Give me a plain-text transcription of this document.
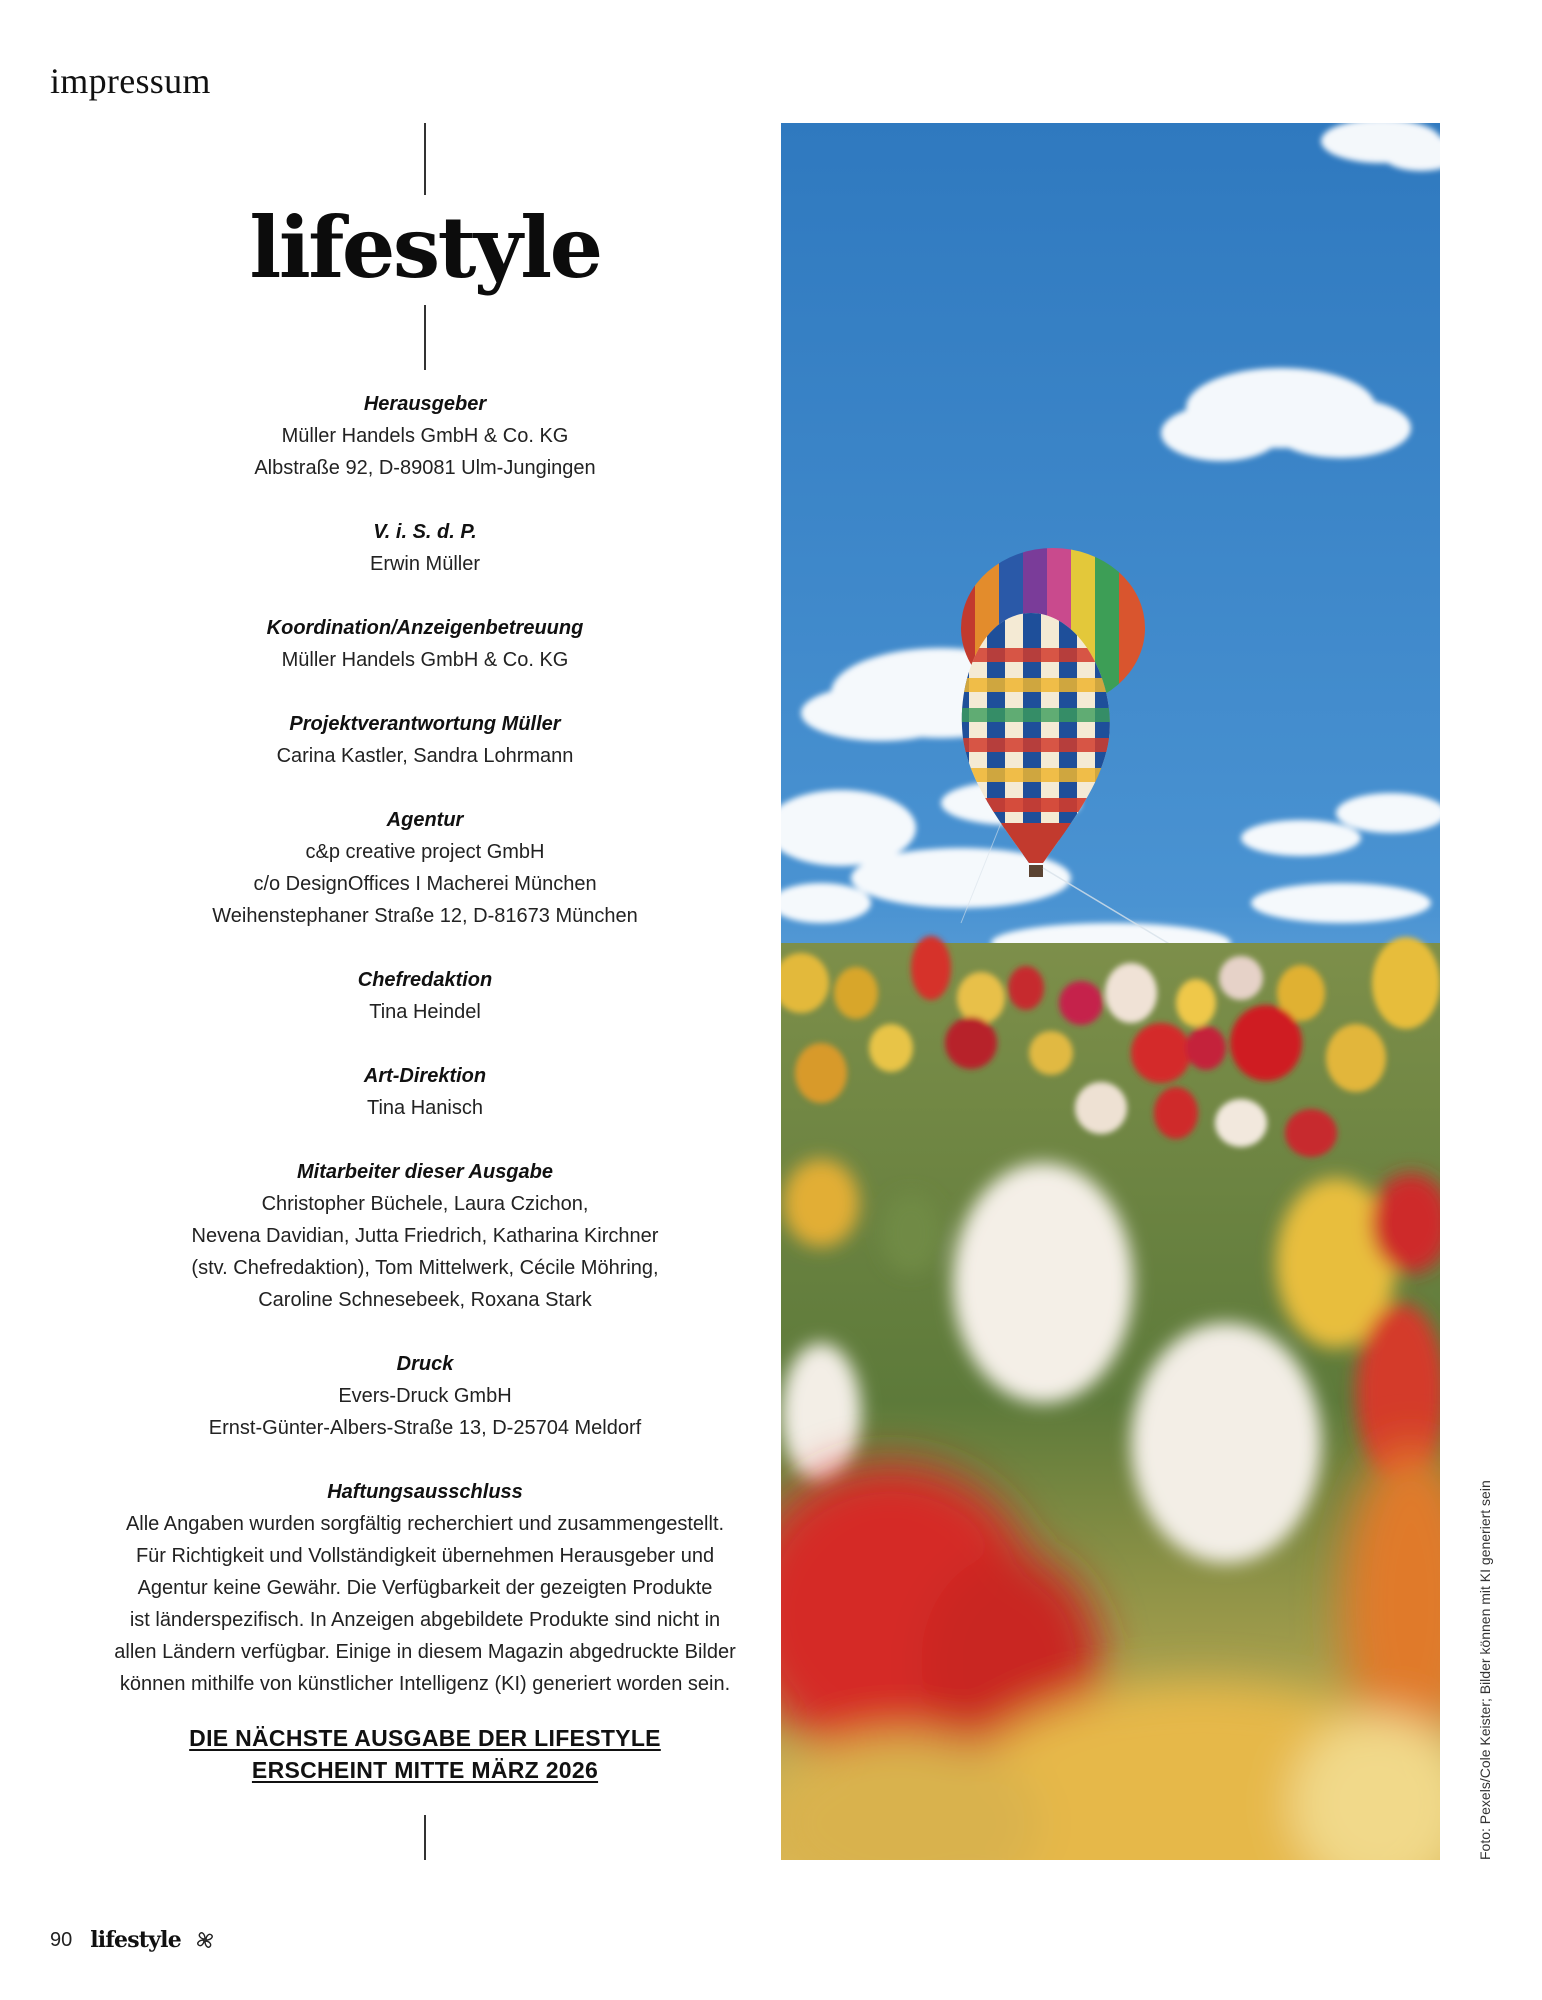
impressum
lifestyle
Herausgeber
Müller Handels GmbH & Co. KG
Albstraße 92, D-89081 Ulm-Jungingen
V. i. S. d. P.
Erwin Müller
Koordination/Anzeigenbetreuung
Müller Handels GmbH & Co. KG
Projektverantwortung Müller
Carina Kastler, Sandra Lohrmann
Agentur
c&p creative project GmbH
c/o DesignOffices I Macherei München
Weihenstephaner Straße 12, D-81673 München
Chefredaktion
Tina Heindel
Art-Direktion
Tina Hanisch
Mitarbeiter dieser Ausgabe
Christopher Büchele, Laura Czichon,
Nevena Davidian, Jutta Friedrich, Katharina Kirchner
(stv. Chefredaktion), Tom Mittelwerk, Cécile Möhring,
Caroline Schnesebeek, Roxana Stark
Druck
Evers-Druck GmbH
Ernst-Günter-Albers-Straße 13, D-25704 Meldorf
Haftungsausschluss
Alle Angaben wurden sorgfältig recherchiert und zusammengestellt.
Für Richtigkeit und Vollständigkeit übernehmen Herausgeber und
Agentur keine Gewähr. Die Verfügbarkeit der gezeigten Produkte
ist länderspezifisch. In Anzeigen abgebildete Produkte sind nicht in
allen Ländern verfügbar. Einige in diesem Magazin abgedruckte Bilder
können mithilfe von künstlicher Intelligenz (KI) generiert worden sein.
DIE NÄCHSTE AUSGABE DER LIFESTYLE
ERSCHEINT MITTE MÄRZ 2026	Foto: Pexels/Cole Keister; Bilder können mit KI generiert sein
90 lifestyle
